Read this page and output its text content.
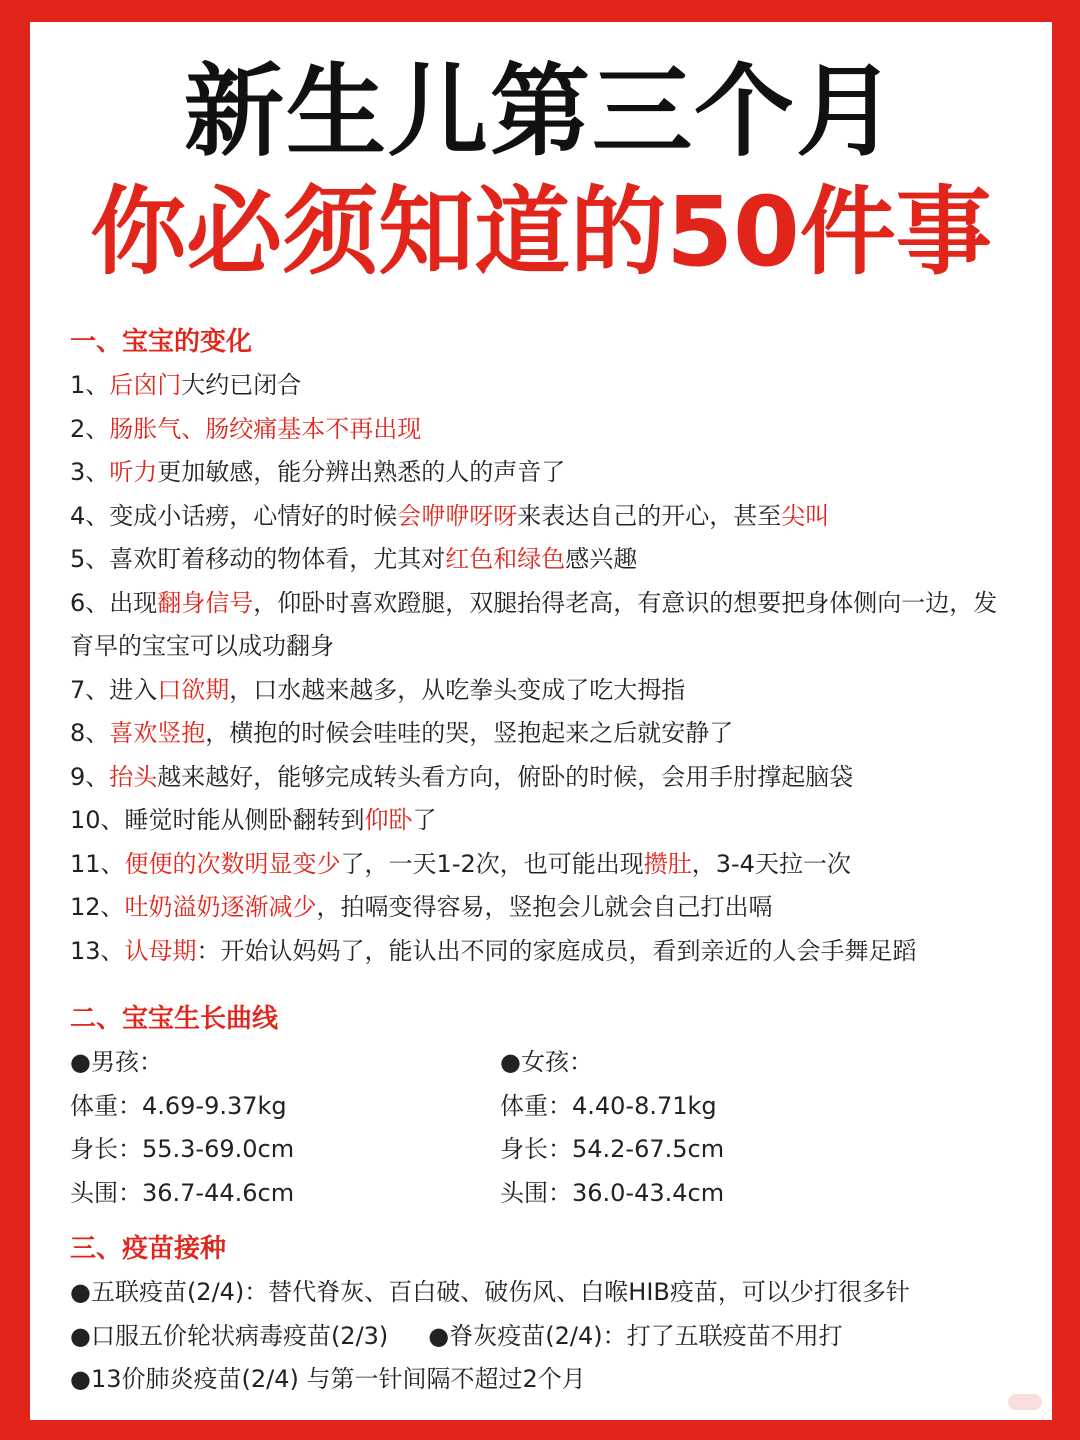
新生儿第三个月
你必须知道的50件事
一、宝宝的变化
1、后囟门大约已闭合
2、肠胀气、肠绞痛基本不再出现
3、听力更加敏感，能分辨出熟悉的人的声音了
4、变成小话痨，心情好的时候会咿咿呀呀来表达自己的开心，甚至尖叫
5、喜欢盯着移动的物体看，尤其对红色和绿色感兴趣
6、出现翻身信号，仰卧时喜欢蹬腿，双腿抬得老高，有意识的想要把身体侧向一边，发育早的宝宝可以成功翻身
7、进入口欲期，口水越来越多，从吃拳头变成了吃大拇指
8、喜欢竖抱，横抱的时候会哇哇的哭，竖抱起来之后就安静了
9、抬头越来越好，能够完成转头看方向，俯卧的时候，会用手肘撑起脑袋
10、睡觉时能从侧卧翻转到仰卧了
11、便便的次数明显变少了，一天1-2次，也可能出现攒肚，3-4天拉一次
12、吐奶溢奶逐渐减少，拍嗝变得容易，竖抱会儿就会自己打出嗝
13、认母期：开始认妈妈了，能认出不同的家庭成员，看到亲近的人会手舞足蹈
二、宝宝生长曲线
●男孩：
体重：4.69-9.37kg
身长：55.3-69.0cm
头围：36.7-44.6cm
●女孩：
体重：4.40-8.71kg
身长：54.2-67.5cm
头围：36.0-43.4cm
三、疫苗接种
●五联疫苗(2/4)：替代脊灰、百白破、破伤风、白喉HIB疫苗，可以少打很多针
●口服五价轮状病毒疫苗(2/3) ●脊灰疫苗(2/4)：打了五联疫苗不用打
●13价肺炎疫苗(2/4) 与第一针间隔不超过2个月
